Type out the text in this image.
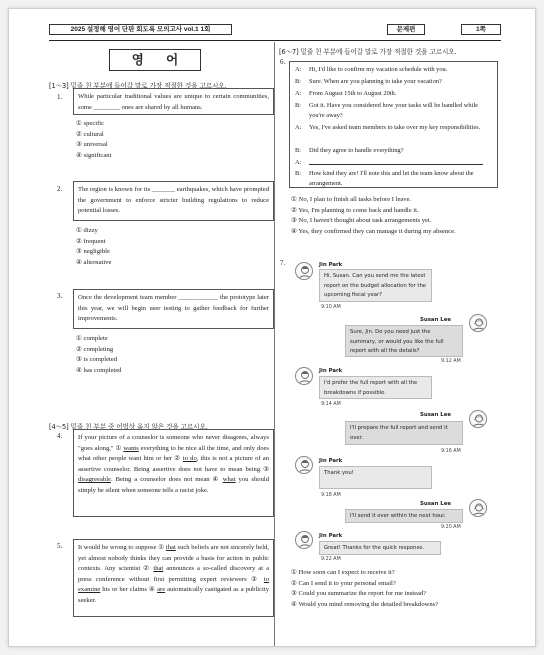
2025 설정해 영어 단판 회도록 모의고사 vol.1 1회	문제편	1쪽
영 어
[1～3] 밑줄 친 부분에 들어갈 말로 가장 적절한 것을 고르시오.
1.	While particular traditional values are unique to certain communities, some ________ ones are shared by all humans.
① specific
② cultural
③ universal
④ significant
2.	The region is known for its _______ earthquakes, which have prompted the government to enforce stricter building regulations to reduce potential losses.
① dizzy
② frequent
③ negligible
④ alternative
3.	Once the development team member ____________ the prototype later this year, we will begin user testing to gather feedback for further improvements.
① complete
② completing
③ is completed
④ has completed
[4～5] 밑줄 친 부분 중 어법상 옳지 않은 것을 고르시오.
4.	If your picture of a counselor is someone who never disagrees, always "goes along," ① wants everything to be nice all the time, and only does what other people want him or her ② to do, this is not a picture of an assertive counselor. Being assertive does not have to mean being ③ disagreeable. Being a counselor does not mean ④ what you should simply be silent when someone tells a racist joke.
5.	It would be wrong to suppose ① that such beliefs are not sincerely held, yet almost nobody thinks they can provide a basis for action in public contexts. Any scientist ② that announces a so-called discovery at a press conference without first permitting expert reviewers ③ to examine his or her claims ④ are automatically castigated as a publicity seeker.
[6～7] 밑줄 친 부분에 들어갈 말로 가장 적절한 것을 고르시오.
6.
A:	Hi, I'd like to confirm my vacation schedule with you.
B:	Sure. When are you planning to take your vacation?
A:	From August 15th to August 20th.
B:	Got it. Have you considered how your tasks will be handled while you're away?
A:	Yes, I've asked team members to take over my key responsibilities.
B:	Did they agree to handle everything?
A:
B:	How kind they are! I'll note this and let the team know about the arrangement.
① No, I plan to finish all tasks before I leave.
② Yes, I'm planning to come back and handle it.
③ No, I haven't thought about task arrangements yet.
④ Yes, they confirmed they can manage it during my absence.
7.	Jin Park
Hi, Susan. Can you send me the latest report on the budget allocation for the upcoming fiscal year?
9:10 AM
Susan Lee
Sure, Jin. Do you need just the summary, or would you like the full report with all the details?
9:12 AM
Jin Park
I'd prefer the full report with all the breakdowns if possible.
9:14 AM
Susan Lee
I'll prepare the full report and send it over.
9:16 AM
Jin Park
Thank you!
9:18 AM
Susan Lee
I'll send it over within the next hour.
9:20 AM
Jin Park
Great! Thanks for the quick response.
9:22 AM
① How soon can I expect to receive it?
② Can I send it to your personal email?
③ Could you summarize the report for me instead?
④ Would you mind removing the detailed breakdowns?
